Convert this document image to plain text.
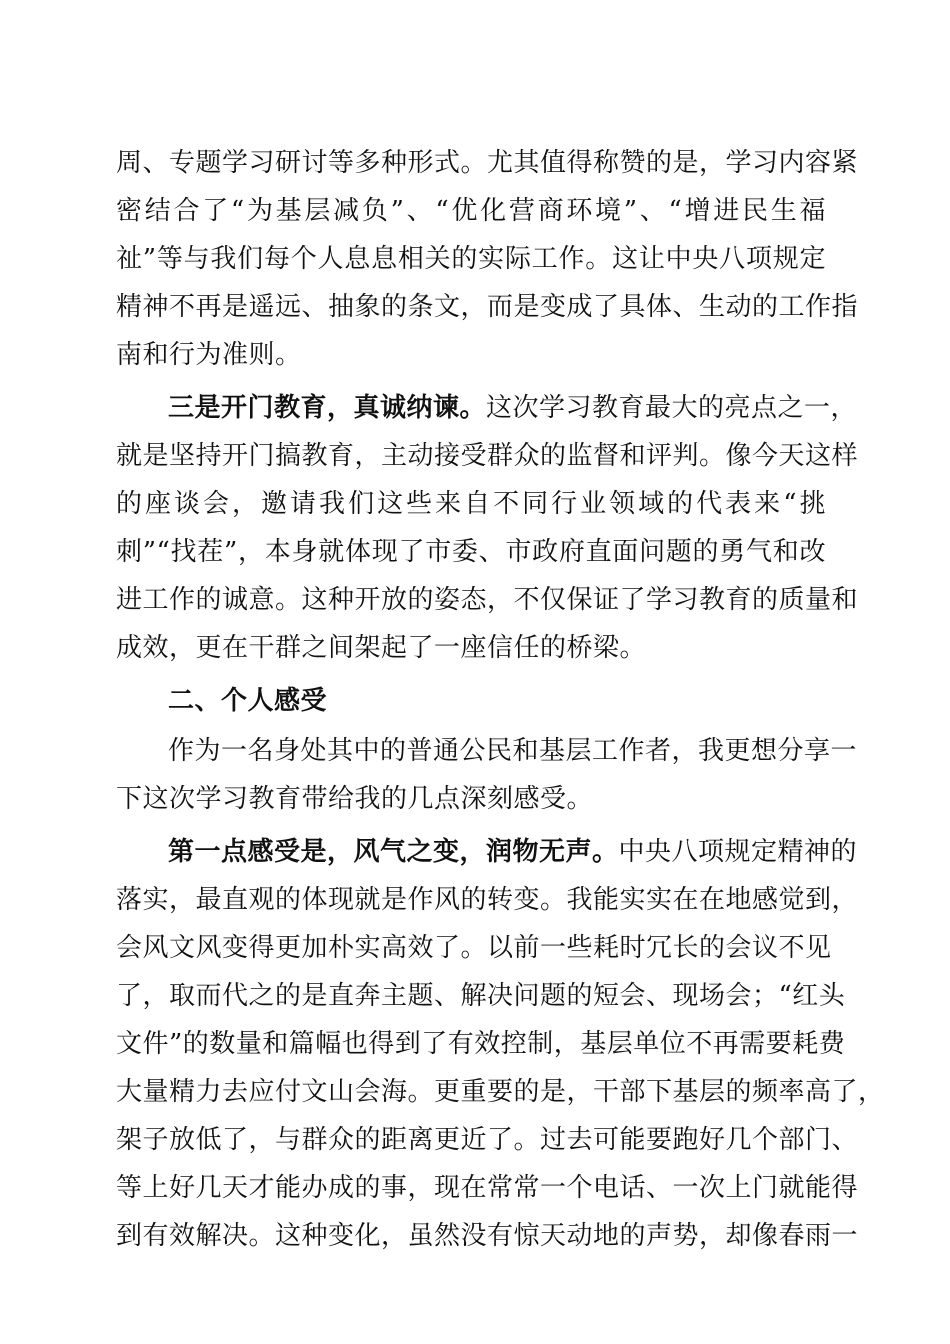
周、专题学习研讨等多种形式。尤其值得称赞的是，学习内容紧
密结合了“为基层减负”、“优化营商环境”、“增进民生福
祉”等与我们每个人息息相关的实际工作。这让中央八项规定
精神不再是遥远、抽象的条文，而是变成了具体、生动的工作指
南和行为准则。
三是开门教育，真诚纳谏。这次学习教育最大的亮点之一，
就是坚持开门搞教育，主动接受群众的监督和评判。像今天这样
的座谈会，邀请我们这些来自不同行业领域的代表来“挑
刺”“找茬”，本身就体现了市委、市政府直面问题的勇气和改
进工作的诚意。这种开放的姿态，不仅保证了学习教育的质量和
成效，更在干群之间架起了一座信任的桥梁。
二、个人感受
作为一名身处其中的普通公民和基层工作者，我更想分享一
下这次学习教育带给我的几点深刻感受。
第一点感受是，风气之变，润物无声。中央八项规定精神的
落实，最直观的体现就是作风的转变。我能实实在在地感觉到，
会风文风变得更加朴实高效了。以前一些耗时冗长的会议不见
了，取而代之的是直奔主题、解决问题的短会、现场会；“红头
文件”的数量和篇幅也得到了有效控制，基层单位不再需要耗费
大量精力去应付文山会海。更重要的是，干部下基层的频率高了，
架子放低了，与群众的距离更近了。过去可能要跑好几个部门、
等上好几天才能办成的事，现在常常一个电话、一次上门就能得
到有效解决。这种变化，虽然没有惊天动地的声势，却像春雨一
